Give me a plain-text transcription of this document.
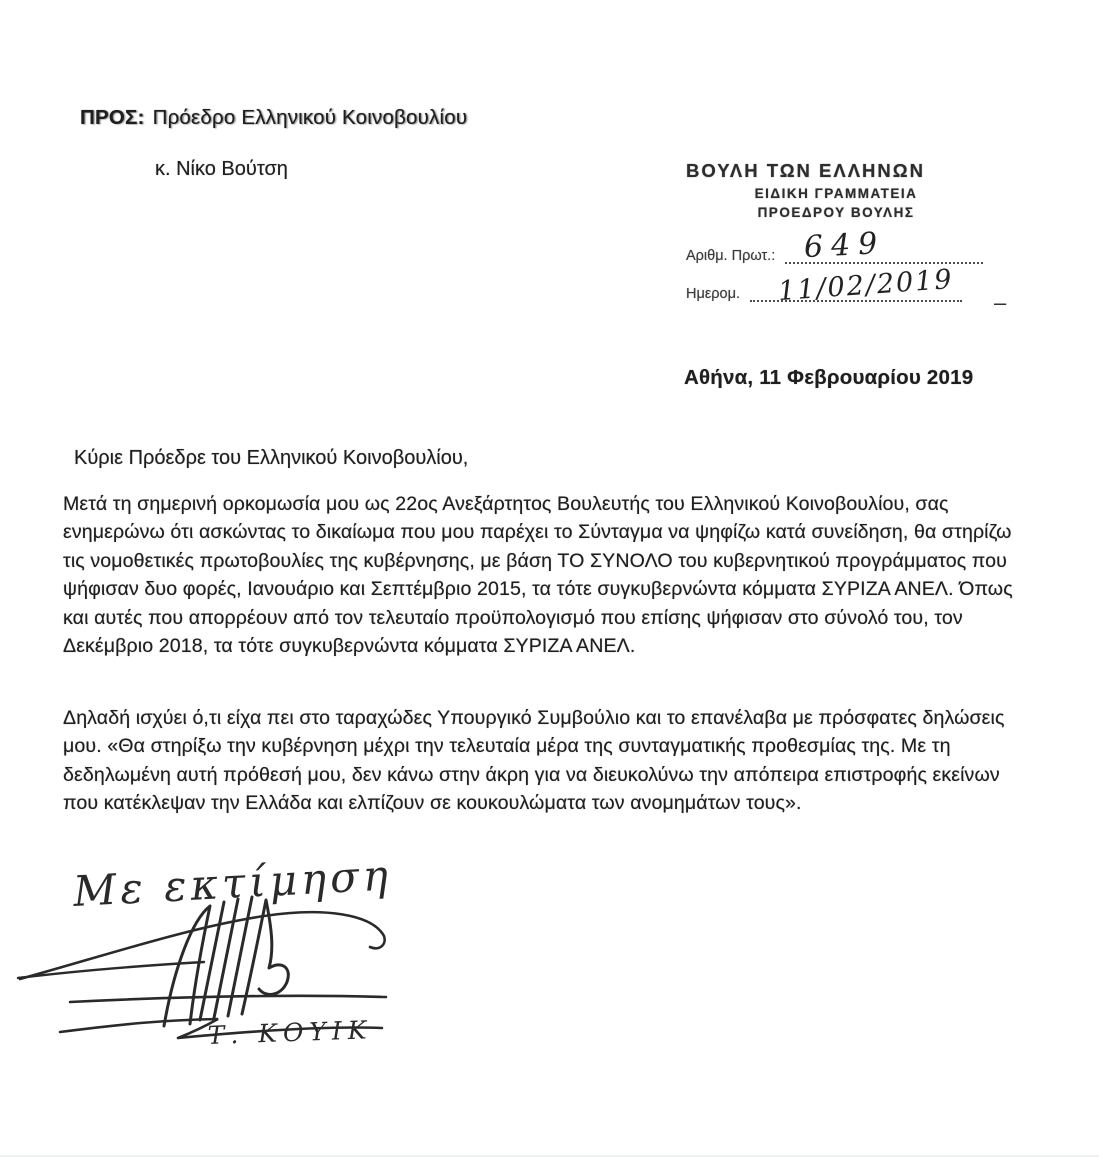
ΠΡΟΣ: Πρόεδρο Ελληνικού Κοινοβουλίου
κ. Νίκο Βούτση	ΒΟΥΛΗ ΤΩΝ ΕΛΛΗΝΩΝ
ΕΙΔΙΚΗ ΓΡΑΜΜΑΤΕΙΑ
ΠΡΟΕΔΡΟΥ ΒΟΥΛΗΣ
Αριθμ. Πρωτ.: 649
Ημερομ. 11/02/2019 –
Αθήνα, 11 Φεβρουαρίου 2019
Κύριε Πρόεδρε του Ελληνικού Κοινοβουλίου,
Μετά τη σημερινή ορκομωσία μου ως 22ος Ανεξάρτητος Βουλευτής του Ελληνικού Κοινοβουλίου, σας ενημερώνω ότι ασκώντας το δικαίωμα που μου παρέχει το Σύνταγμα να ψηφίζω κατά συνείδηση, θα στηρίζω τις νομοθετικές πρωτοβουλίες της κυβέρνησης, με βάση ΤΟ ΣΥΝΟΛΟ του κυβερνητικού προγράμματος που ψήφισαν δυο φορές, Ιανουάριο και Σεπτέμβριο 2015, τα τότε συγκυβερνώντα κόμματα ΣΥΡΙΖΑ ΑΝΕΛ. Όπως και αυτές που απορρέουν από τον τελευταίο προϋπολογισμό που επίσης ψήφισαν στο σύνολό του, τον Δεκέμβριο 2018, τα τότε συγκυβερνώντα κόμματα ΣΥΡΙΖΑ ΑΝΕΛ.
Δηλαδή ισχύει ό,τι είχα πει στο ταραχώδες Υπουργικό Συμβούλιο και το επανέλαβα με πρόσφατες δηλώσεις μου. «Θα στηρίξω την κυβέρνηση μέχρι την τελευταία μέρα της συνταγματικής προθεσμίας της. Με τη δεδηλωμένη αυτή πρόθεσή μου, δεν κάνω στην άκρη για να διευκολύνω την απόπειρα επιστροφής εκείνων που κατέκλεψαν την Ελλάδα και ελπίζουν σε κουκουλώματα των ανομημάτων τους».
Με εκτίμηση
Τ. ΚΟΥΙΚ
